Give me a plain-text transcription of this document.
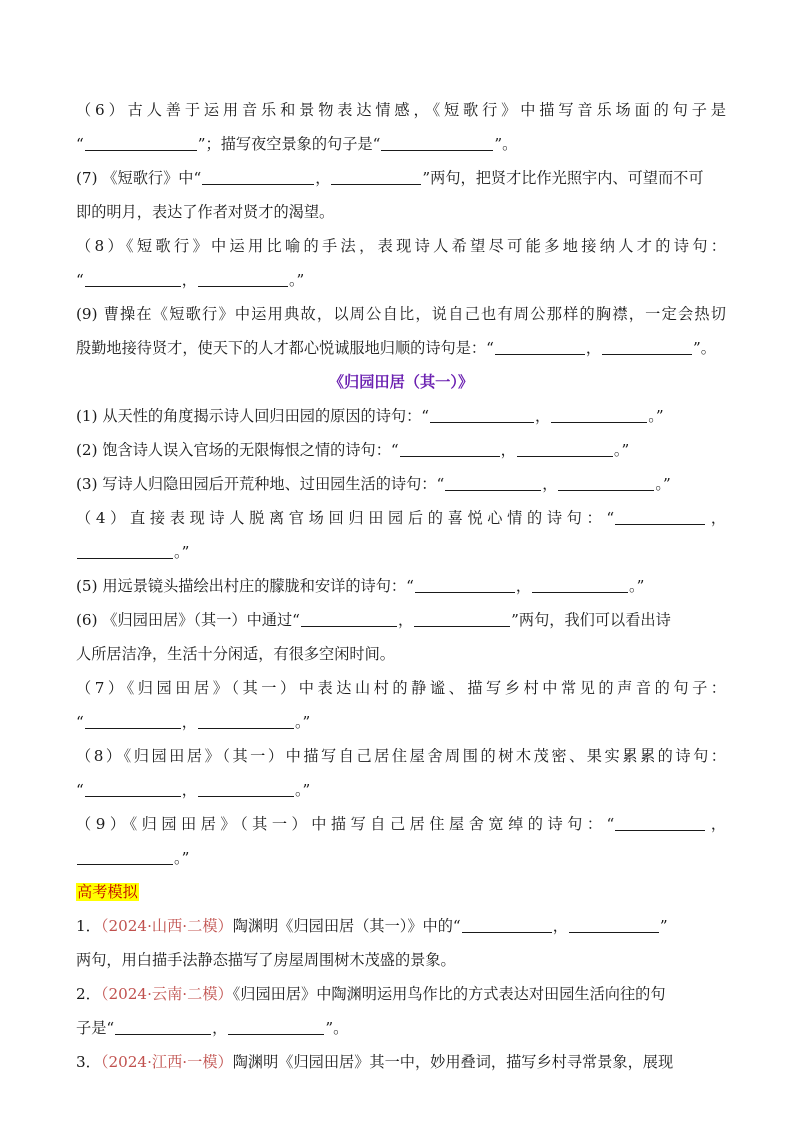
（6）古人善于运用音乐和景物表达情感，《短歌行》中描写音乐场面的句子是

“	”；描写夜空景象的句子是“	”。

(7) 《短歌行》中“	，	”两句，把贤才比作光照宇内、可望而不可

即的明月，表达了作者对贤才的渴望。

（8）《短歌行》中运用比喻的手法，表现诗人希望尽可能多地接纳人才的诗句：

“	，	。”

(9) 曹操在《短歌行》中运用典故，以周公自比，说自己也有周公那样的胸襟，一定会热切

殷勤地接待贤才，使天下的人才都心悦诚服地归顺的诗句是：“	，	”。

《归园田居（其一）》

(1) 从天性的角度揭示诗人回归田园的原因的诗句：“	，	。”

(2) 饱含诗人误入官场的无限悔恨之情的诗句：“	，	。”

(3) 写诗人归隐田园后开荒种地、过田园生活的诗句：“	，	。”

（4）直接表现诗人脱离官场回归田园后的喜悦心情的诗句：“	，

。”

(5) 用远景镜头描绘出村庄的朦胧和安详的诗句：“	，	。”

(6) 《归园田居》（其一）中通过“	，	”两句，我们可以看出诗

人所居洁净，生活十分闲适，有很多空闲时间。

（7）《归园田居》（其一）中表达山村的静谧、描写乡村中常见的声音的句子：

“	，	。”

（8）《归园田居》（其一）中描写自己居住屋舍周围的树木茂密、果实累累的诗句：

“	，	。”

（9）《归园田居》（其一）中描写自己居住屋舍宽绰的诗句：“	，

。”

高考模拟

1．（2024·山西·二模）陶渊明《归园田居（其一）》中的“	，	”

两句，用白描手法静态描写了房屋周围树木茂盛的景象。

2．（2024·云南·二模）《归园田居》中陶渊明运用鸟作比的方式表达对田园生活向往的句

子是“	，	”。

3．（2024·江西·一模）陶渊明《归园田居》其一中，妙用叠词，描写乡村寻常景象，展现
